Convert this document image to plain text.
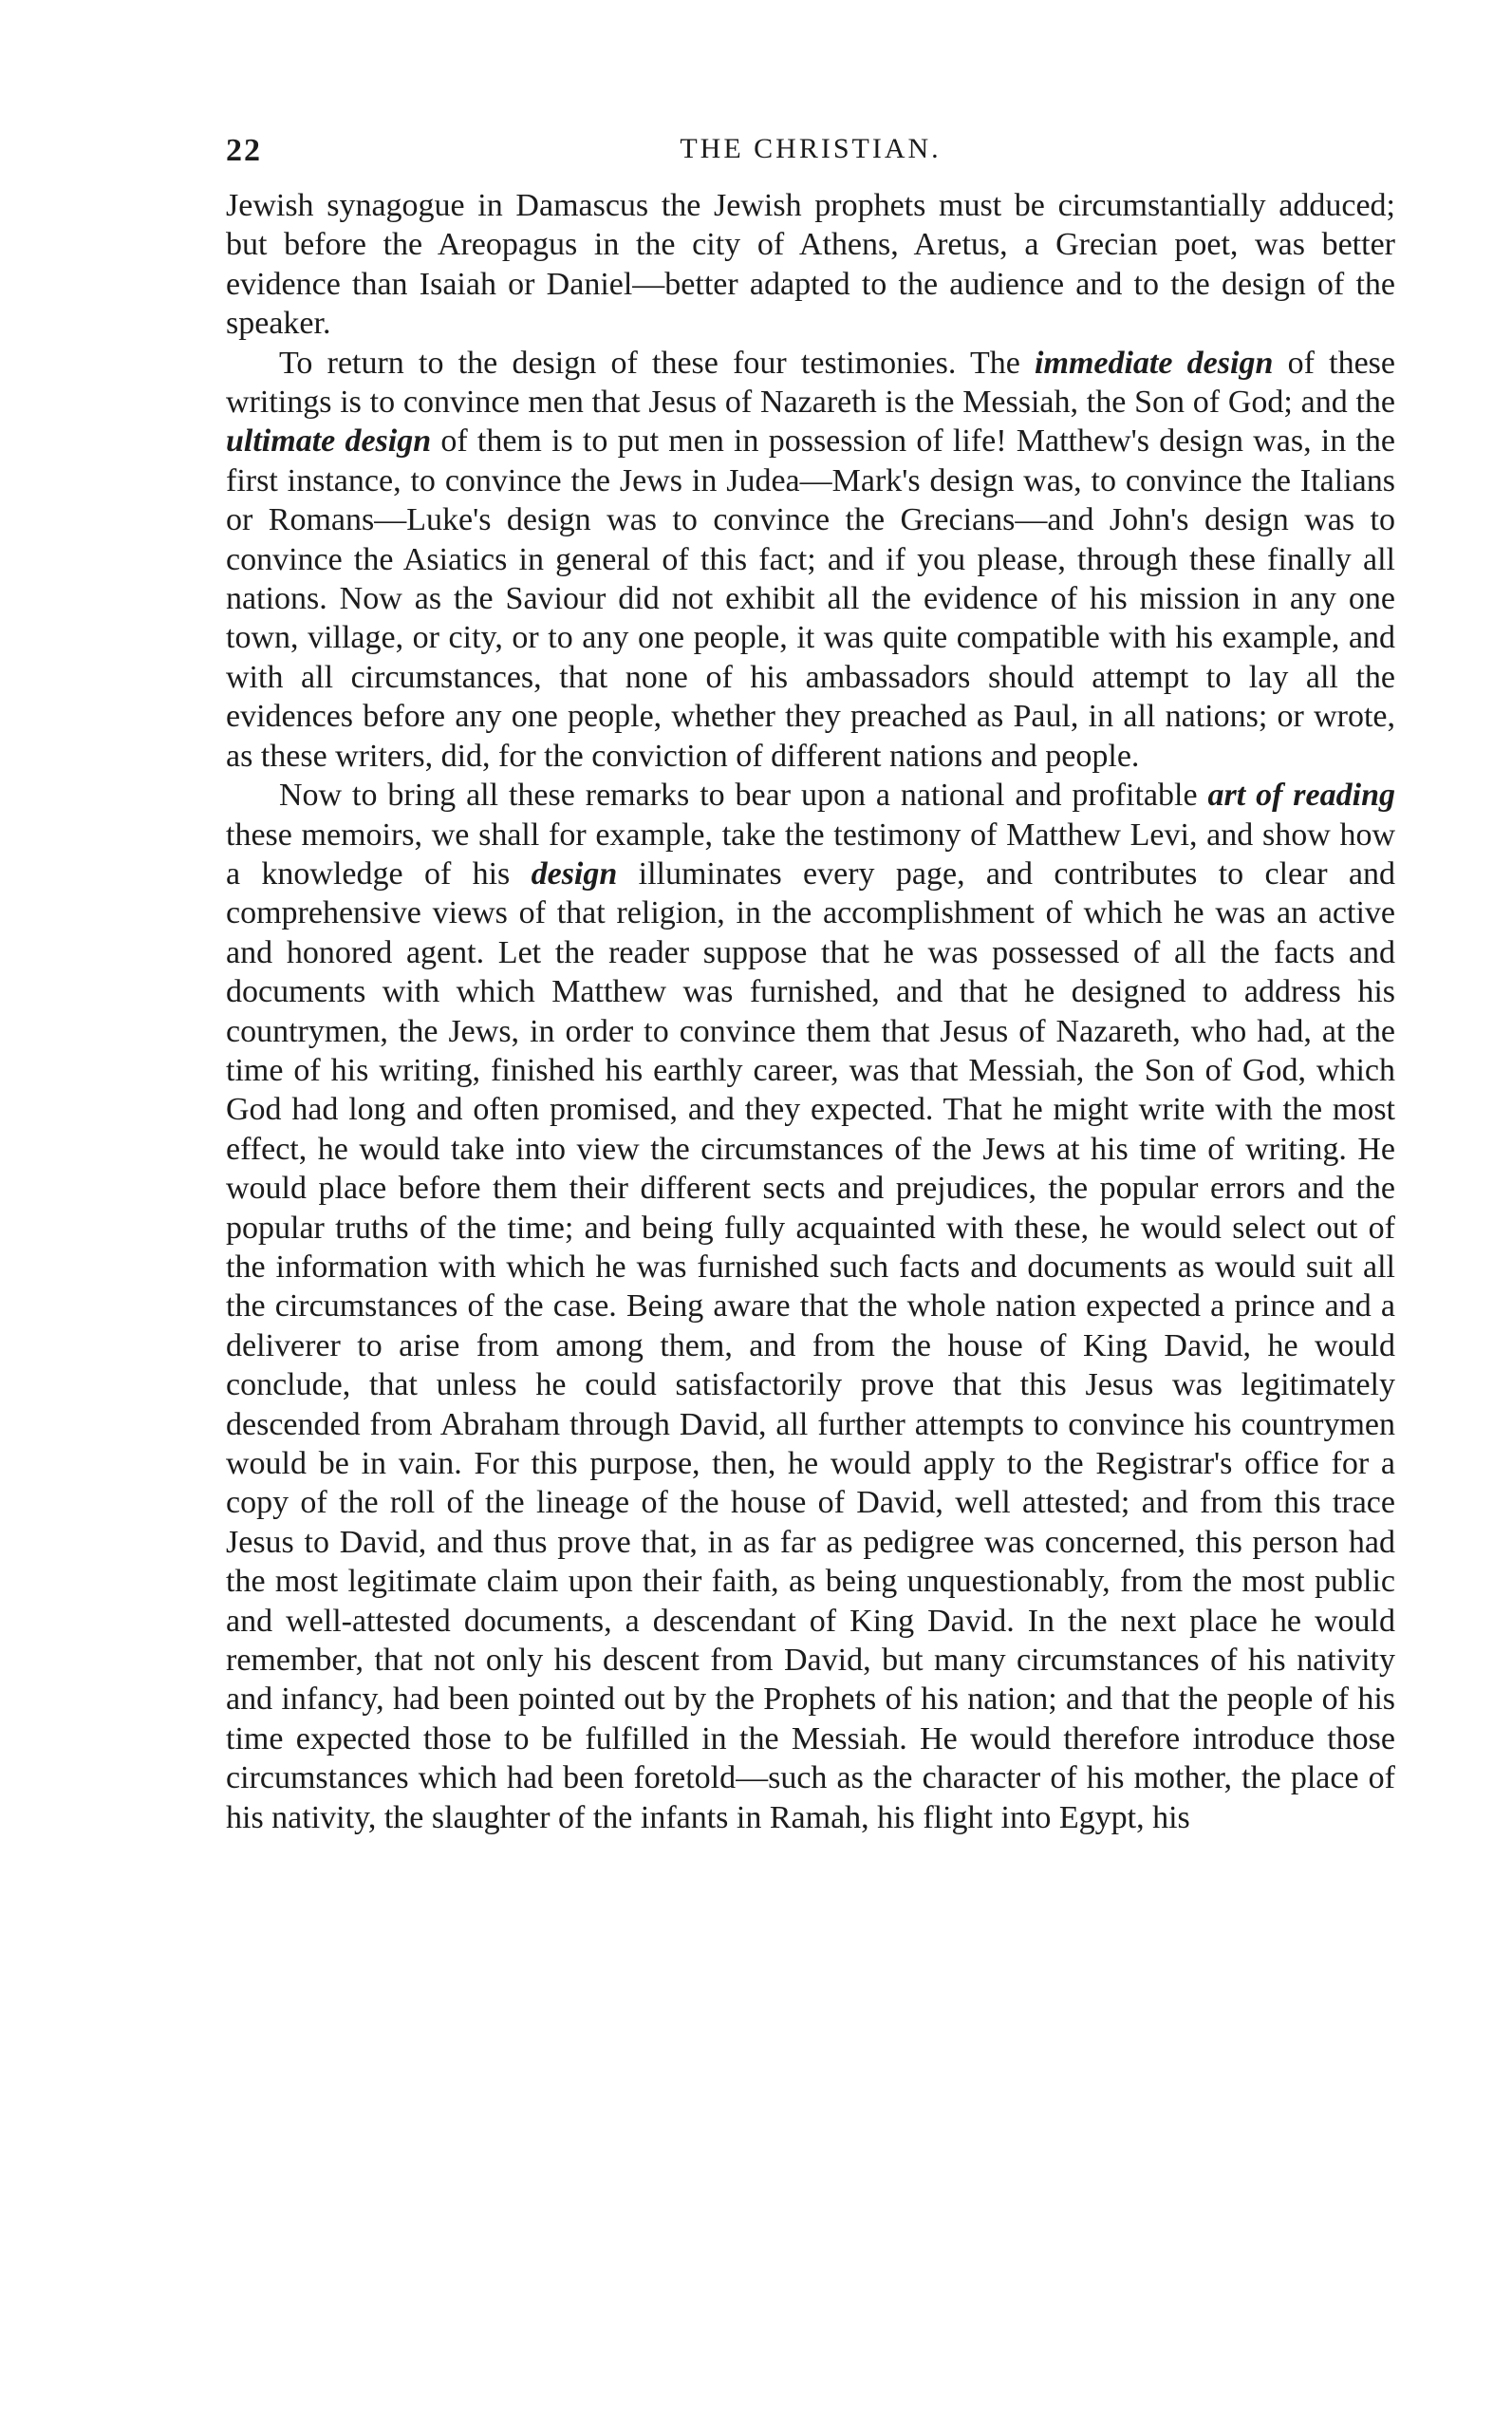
22	THE CHRISTIAN.

Jewish synagogue in Damascus the Jewish prophets must be circumstantially adduced; but before the Areopagus in the city of Athens, Aretus, a Grecian poet, was better evidence than Isaiah or Daniel—better adapted to the audience and to the design of the speaker.

To return to the design of these four testimonies. The immediate design of these writings is to convince men that Jesus of Nazareth is the Messiah, the Son of God; and the ultimate design of them is to put men in possession of life! Matthew's design was, in the first instance, to convince the Jews in Judea—Mark's design was, to convince the Italians or Romans—Luke's design was to convince the Grecians—and John's design was to convince the Asiatics in general of this fact; and if you please, through these finally all nations. Now as the Saviour did not exhibit all the evidence of his mission in any one town, village, or city, or to any one people, it was quite compatible with his example, and with all circumstances, that none of his ambassadors should attempt to lay all the evidences before any one people, whether they preached as Paul, in all nations; or wrote, as these writers, did, for the conviction of different nations and people.

Now to bring all these remarks to bear upon a national and profitable art of reading these memoirs, we shall for example, take the testimony of Matthew Levi, and show how a knowledge of his design illuminates every page, and contributes to clear and comprehensive views of that religion, in the accomplishment of which he was an active and honored agent. Let the reader suppose that he was possessed of all the facts and documents with which Matthew was furnished, and that he designed to address his countrymen, the Jews, in order to convince them that Jesus of Nazareth, who had, at the time of his writing, finished his earthly career, was that Messiah, the Son of God, which God had long and often promised, and they expected. That he might write with the most effect, he would take into view the circumstances of the Jews at his time of writing. He would place before them their different sects and prejudices, the popular errors and the popular truths of the time; and being fully acquainted with these, he would select out of the information with which he was furnished such facts and documents as would suit all the circumstances of the case. Being aware that the whole nation expected a prince and a deliverer to arise from among them, and from the house of King David, he would conclude, that unless he could satisfactorily prove that this Jesus was legitimately descended from Abraham through David, all further attempts to convince his countrymen would be in vain. For this purpose, then, he would apply to the Registrar's office for a copy of the roll of the lineage of the house of David, well attested; and from this trace Jesus to David, and thus prove that, in as far as pedigree was concerned, this person had the most legitimate claim upon their faith, as being unquestionably, from the most public and well-attested documents, a descendant of King David. In the next place he would remember, that not only his descent from David, but many circumstances of his nativity and infancy, had been pointed out by the Prophets of his nation; and that the people of his time expected those to be fulfilled in the Messiah. He would therefore introduce those circumstances which had been foretold—such as the character of his mother, the place of his nativity, the slaughter of the infants in Ramah, his flight into Egypt, his
